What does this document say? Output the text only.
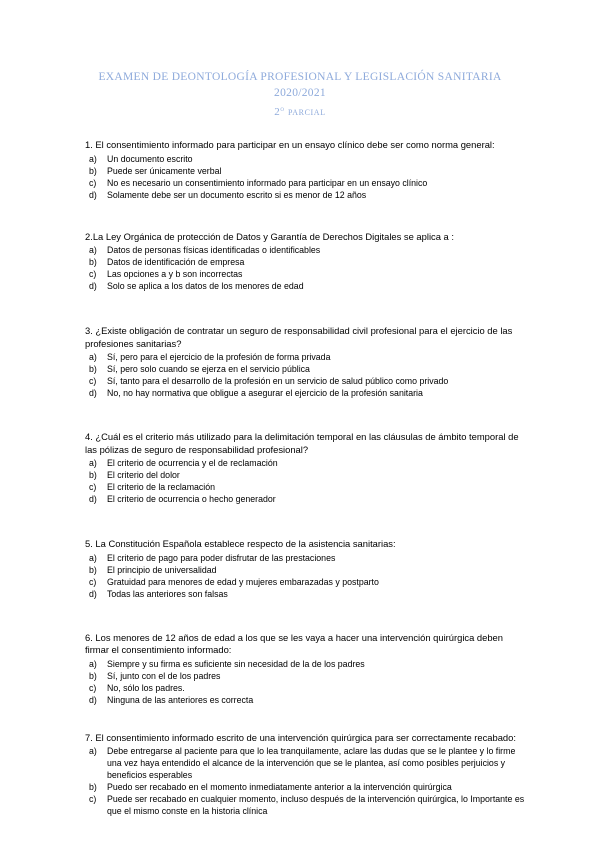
EXAMEN DE DEONTOLOGÍA PROFESIONAL Y LEGISLACIÓN SANITARIA
2020/2021
2$^o$ parcial
1. El consentimiento informado para participar en un ensayo clínico debe ser como norma general:
a)	Un documento escrito
b)	Puede ser únicamente verbal
c)	No es necesario un consentimiento informado para participar en un ensayo clínico
d)	Solamente debe ser un documento escrito si es menor de 12 años
2.La Ley Orgánica de protección de Datos y Garantía de Derechos Digitales se aplica a :
a)	Datos de personas físicas identificadas o identificables
b)	Datos de identificación de empresa
c)	Las opciones a y b son incorrectas
d)	Solo se aplica a los datos de los menores de edad
3. ¿Existe obligación de contratar un seguro de responsabilidad civil profesional para el ejercicio de las profesiones sanitarias?
a)	Sí, pero para el ejercicio de la profesión de forma privada
b)	Sí, pero solo cuando se ejerza en el servicio pública
c)	Sí, tanto para el desarrollo de la profesión en un servicio de salud público como privado
d)	No, no hay normativa que obligue a asegurar el ejercicio de la profesión sanitaria
4. ¿Cuál es el criterio más utilizado para la delimitación temporal en las cláusulas de ámbito temporal de las pólizas de seguro de responsabilidad profesional?
a)	El criterio de ocurrencia y el de reclamación
b)	El criterio del dolor
c)	El criterio de la reclamación
d)	El criterio de ocurrencia o hecho generador
5. La Constitución Española establece respecto de la asistencia sanitarias:
a)	El criterio de pago para poder disfrutar de las prestaciones
b)	El principio de universalidad
c)	Gratuidad para menores de edad y mujeres embarazadas y postparto
d)	Todas las anteriores son falsas
6. Los menores de 12 años de edad a los que se les vaya a hacer una intervención quirúrgica deben firmar el consentimiento informado:
a)	Siempre y su firma es suficiente sin necesidad de la de los padres
b)	Sí, junto con el de los padres
c)	No, sólo los padres.
d)	Ninguna de las anteriores es correcta
7. El consentimiento informado escrito de una intervención quirúrgica para ser correctamente recabado:
a)	Debe entregarse al paciente para que lo lea tranquilamente, aclare las dudas que se le plantee y lo firme una vez haya entendido el alcance de la intervención que se le plantea, así como posibles perjuicios y beneficios esperables
b)	Puedo ser recabado en el momento inmediatamente anterior a la intervención quirúrgica
c)	Puede ser recabado en cualquier momento, incluso después de la intervención quirúrgica, lo Importante es que el mismo conste en la historia clínica
